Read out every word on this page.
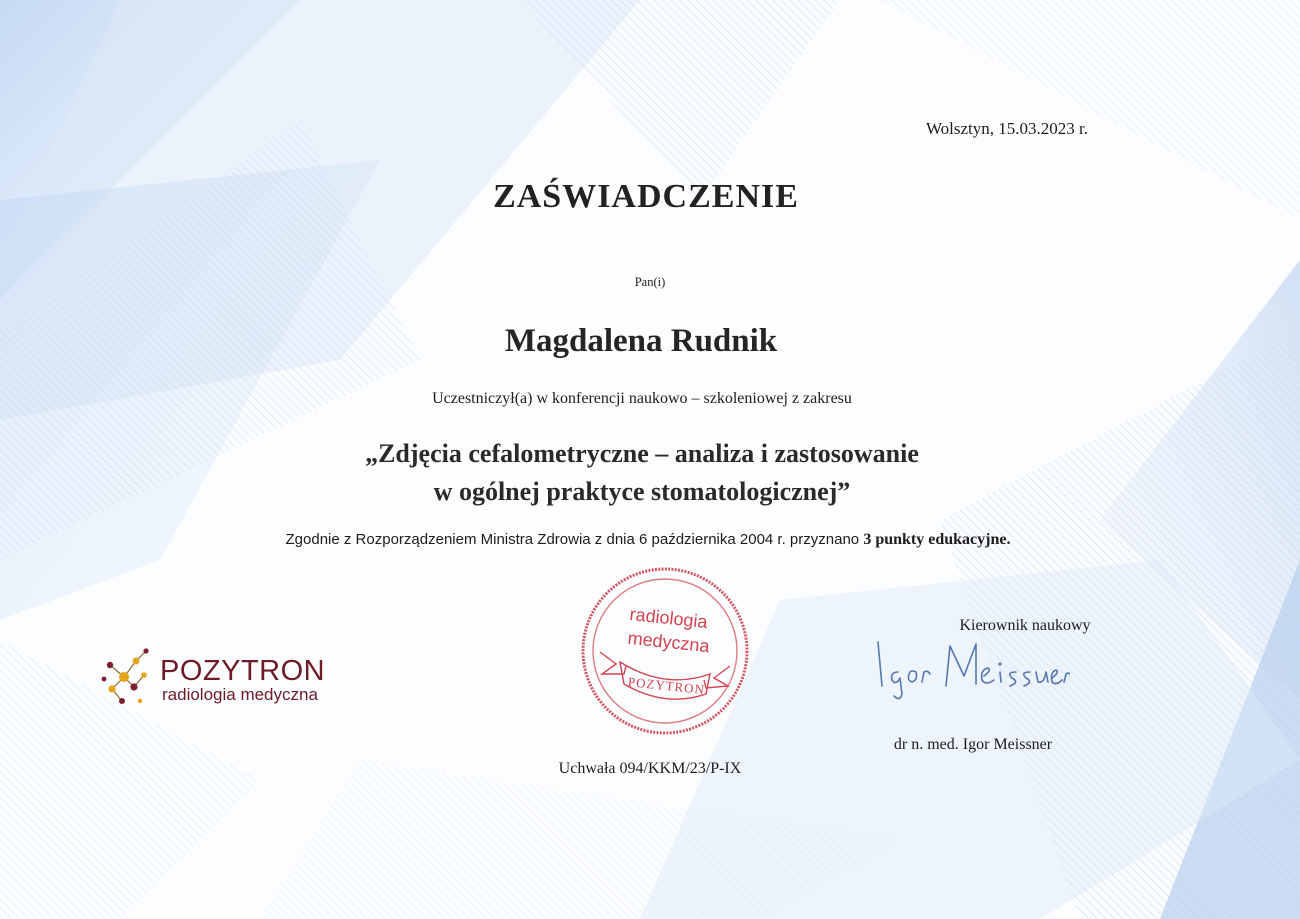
Wolsztyn, 15.03.2023 r.

ZAŚWIADCZENIE

Pan(i)

Magdalena Rudnik

Uczestniczył(a) w konferencji naukowo – szkoleniowej z zakresu

„Zdjęcia cefalometryczne – analiza i zastosowanie
w ogólnej praktyce stomatologicznej”

Zgodnie z Rozporządzeniem Ministra Zdrowia z dnia 6 października 2004 r. przyznano 3 punkty edukacyjne.

POZYTRON
radiologia medyczna
radiologia
medyczna
POZYTRON

Kierownik naukowy

dr n. med. Igor Meissner

Uchwała 094/KKM/23/P-IX
